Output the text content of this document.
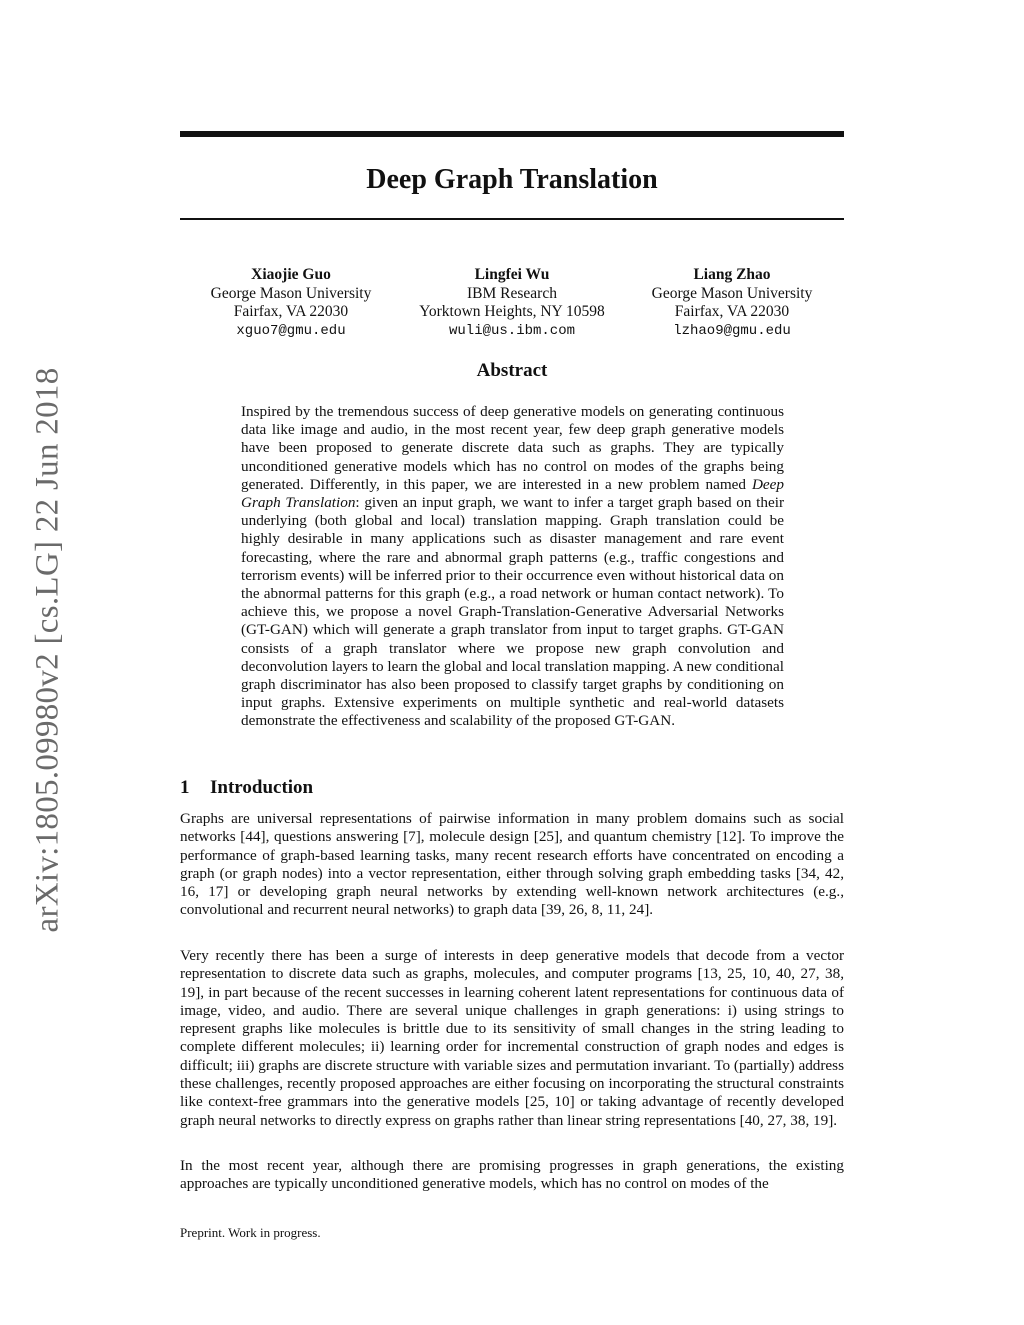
arXiv:1805.09980v2 [cs.LG] 22 Jun 2018
Deep Graph Translation
Xiaojie Guo
George Mason University
Fairfax, VA 22030
xguo7@gmu.edu
Lingfei Wu
IBM Research
Yorktown Heights, NY 10598
wuli@us.ibm.com
Liang Zhao
George Mason University
Fairfax, VA 22030
lzhao9@gmu.edu
Abstract
Inspired by the tremendous success of deep generative models on generating continuous data like image and audio, in the most recent year, few deep graph generative models have been proposed to generate discrete data such as graphs. They are typically unconditioned generative models which has no control on modes of the graphs being generated. Differently, in this paper, we are interested in a new problem named Deep Graph Translation: given an input graph, we want to infer a target graph based on their underlying (both global and local) translation mapping. Graph translation could be highly desirable in many applications such as disaster management and rare event forecasting, where the rare and abnormal graph patterns (e.g., traffic congestions and terrorism events) will be inferred prior to their occurrence even without historical data on the abnormal patterns for this graph (e.g., a road network or human contact network). To achieve this, we propose a novel Graph-Translation-Generative Adversarial Networks (GT-GAN) which will generate a graph translator from input to target graphs. GT-GAN consists of a graph translator where we propose new graph convolution and deconvolution layers to learn the global and local translation mapping. A new conditional graph discriminator has also been proposed to classify target graphs by conditioning on input graphs. Extensive experiments on multiple synthetic and real-world datasets demonstrate the effectiveness and scalability of the proposed GT-GAN.
1 Introduction

Graphs are universal representations of pairwise information in many problem domains such as social networks [44], questions answering [7], molecule design [25], and quantum chemistry [12]. To improve the performance of graph-based learning tasks, many recent research efforts have concentrated on encoding a graph (or graph nodes) into a vector representation, either through solving graph embedding tasks [34, 42, 16, 17] or developing graph neural networks by extending well-known network architectures (e.g., convolutional and recurrent neural networks) to graph data [39, 26, 8, 11, 24].

Very recently there has been a surge of interests in deep generative models that decode from a vector representation to discrete data such as graphs, molecules, and computer programs [13, 25, 10, 40, 27, 38, 19], in part because of the recent successes in learning coherent latent representations for continuous data of image, video, and audio. There are several unique challenges in graph generations: i) using strings to represent graphs like molecules is brittle due to its sensitivity of small changes in the string leading to complete different molecules; ii) learning order for incremental construction of graph nodes and edges is difficult; iii) graphs are discrete structure with variable sizes and permutation invariant. To (partially) address these challenges, recently proposed approaches are either focusing on incorporating the structural constraints like context-free grammars into the generative models [25, 10] or taking advantage of recently developed graph neural networks to directly express on graphs rather than linear string representations [40, 27, 38, 19].

In the most recent year, although there are promising progresses in graph generations, the existing approaches are typically unconditioned generative models, which has no control on modes of the

Preprint. Work in progress.
